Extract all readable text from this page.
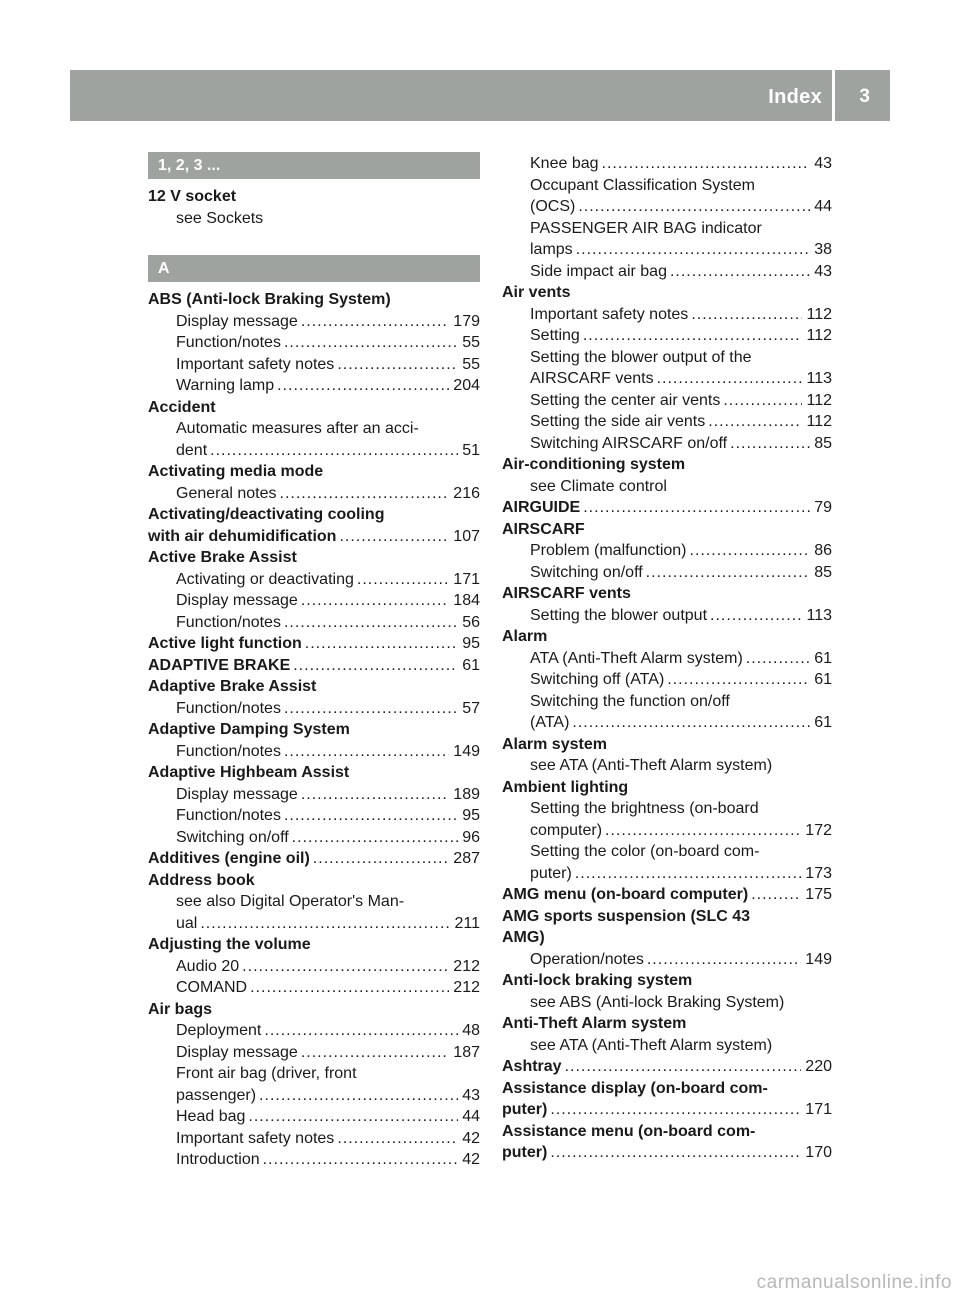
Index 3
1, 2, 3 ...
12 V socket
see Sockets
A
ABS (Anti-lock Braking System)
Display message .....	179
Function/notes .....	55
Important safety notes .....	55
Warning lamp .....	204
Accident
Automatic measures after an acci-
dent .....	51
Activating media mode
General notes .....	216
Activating/deactivating cooling
with air dehumidification .....	107
Active Brake Assist
Activating or deactivating .....	171
Display message .....	184
Function/notes .....	56
Active light function .....	95
ADAPTIVE BRAKE .....	61
Adaptive Brake Assist
Function/notes .....	57
Adaptive Damping System
Function/notes .....	149
Adaptive Highbeam Assist
Display message .....	189
Function/notes .....	95
Switching on/off .....	96
Additives (engine oil) .....	287
Address book
see also Digital Operator's Man-
ual .....	211
Adjusting the volume
Audio 20 .....	212
COMAND .....	212
Air bags
Deployment .....	48
Display message .....	187
Front air bag (driver, front
passenger) .....	43
Head bag .....	44
Important safety notes .....	42
Introduction .....	42
Knee bag .....	43
Occupant Classification System
(OCS) .....	44
PASSENGER AIR BAG indicator
lamps .....	38
Side impact air bag .....	43
Air vents
Important safety notes .....	112
Setting .....	112
Setting the blower output of the
AIRSCARF vents .....	113
Setting the center air vents .....	112
Setting the side air vents .....	112
Switching AIRSCARF on/off .....	85
Air-conditioning system
see Climate control
AIRGUIDE .....	79
AIRSCARF
Problem (malfunction) .....	86
Switching on/off .....	85
AIRSCARF vents
Setting the blower output .....	113
Alarm
ATA (Anti-Theft Alarm system) .....	61
Switching off (ATA) .....	61
Switching the function on/off
(ATA) .....	61
Alarm system
see ATA (Anti-Theft Alarm system)
Ambient lighting
Setting the brightness (on-board
computer) .....	172
Setting the color (on-board com-
puter) .....	173
AMG menu (on-board computer) .....	175
AMG sports suspension (SLC 43
AMG)
Operation/notes .....	149
Anti-lock braking system
see ABS (Anti-lock Braking System)
Anti-Theft Alarm system
see ATA (Anti-Theft Alarm system)
Ashtray .....	220
Assistance display (on-board com-
puter) .....	171
Assistance menu (on-board com-
puter) .....	170
carmanualsonline.info
